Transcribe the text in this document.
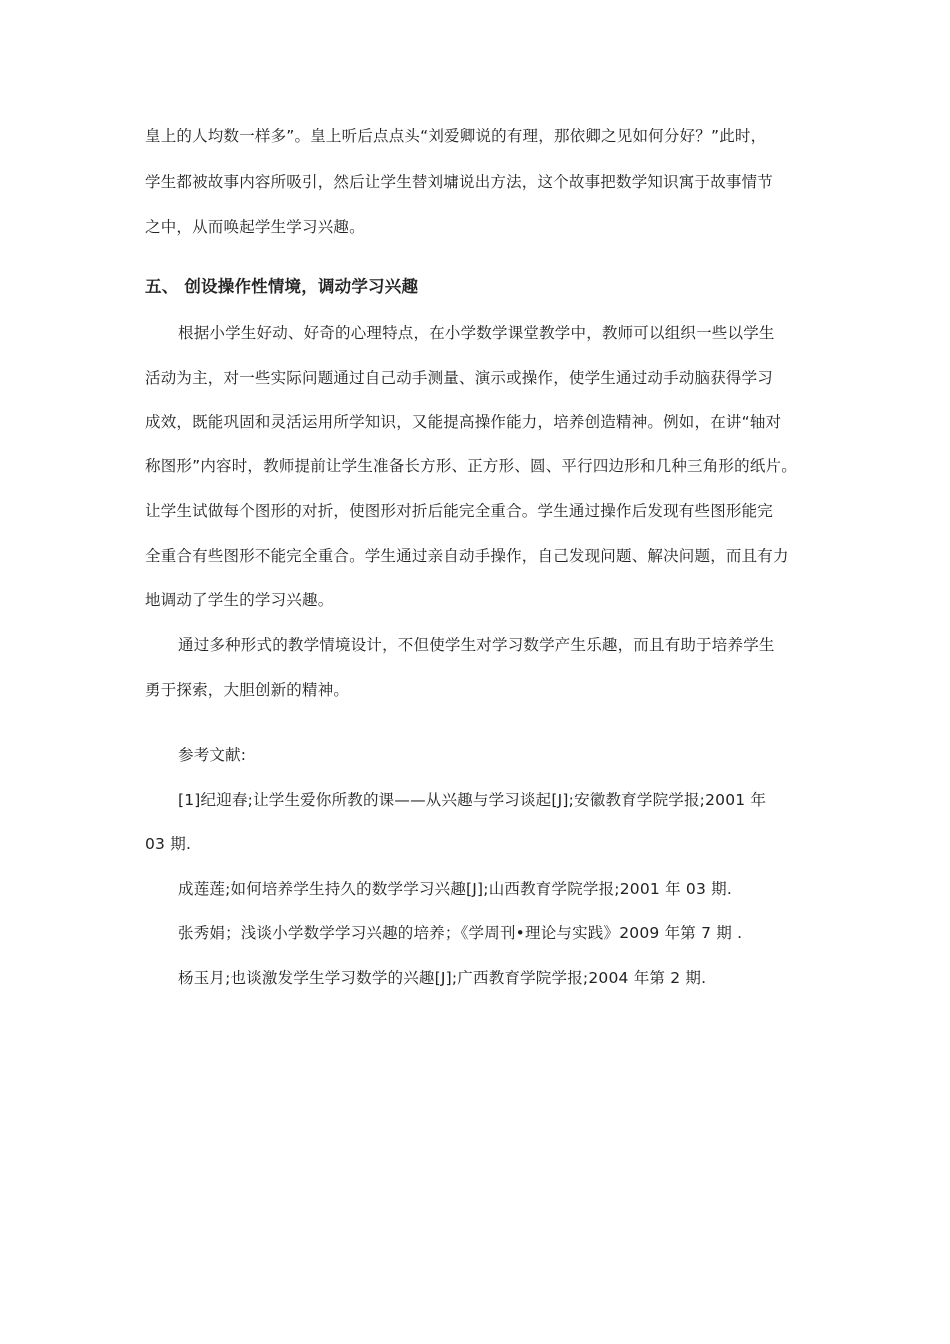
皇上的人均数一样多”。皇上听后点点头“刘爱卿说的有理，那依卿之见如何分好？”此时，
学生都被故事内容所吸引，然后让学生替刘墉说出方法，这个故事把数学知识寓于故事情节
之中，从而唤起学生学习兴趣。
五、 创设操作性情境，调动学习兴趣
根据小学生好动、好奇的心理特点，在小学数学课堂教学中，教师可以组织一些以学生
活动为主，对一些实际问题通过自己动手测量、演示或操作，使学生通过动手动脑获得学习
成效，既能巩固和灵活运用所学知识，又能提高操作能力，培养创造精神。例如，在讲“轴对
称图形”内容时，教师提前让学生准备长方形、正方形、圆、平行四边形和几种三角形的纸片。
让学生试做每个图形的对折，使图形对折后能完全重合。学生通过操作后发现有些图形能完
全重合有些图形不能完全重合。学生通过亲自动手操作，自己发现问题、解决问题，而且有力
地调动了学生的学习兴趣。
通过多种形式的教学情境设计，不但使学生对学习数学产生乐趣，而且有助于培养学生
勇于探索，大胆创新的精神。
参考文献:
[1]纪迎春;让学生爱你所教的课——从兴趣与学习谈起[J];安徽教育学院学报;2001 年
03 期.
成莲莲;如何培养学生持久的数学学习兴趣[J];山西教育学院学报;2001 年 03 期.
张秀娟；浅谈小学数学学习兴趣的培养；《学周刊•理论与实践》2009 年第 7 期 .
杨玉月;也谈激发学生学习数学的兴趣[J];广西教育学院学报;2004 年第 2 期.
